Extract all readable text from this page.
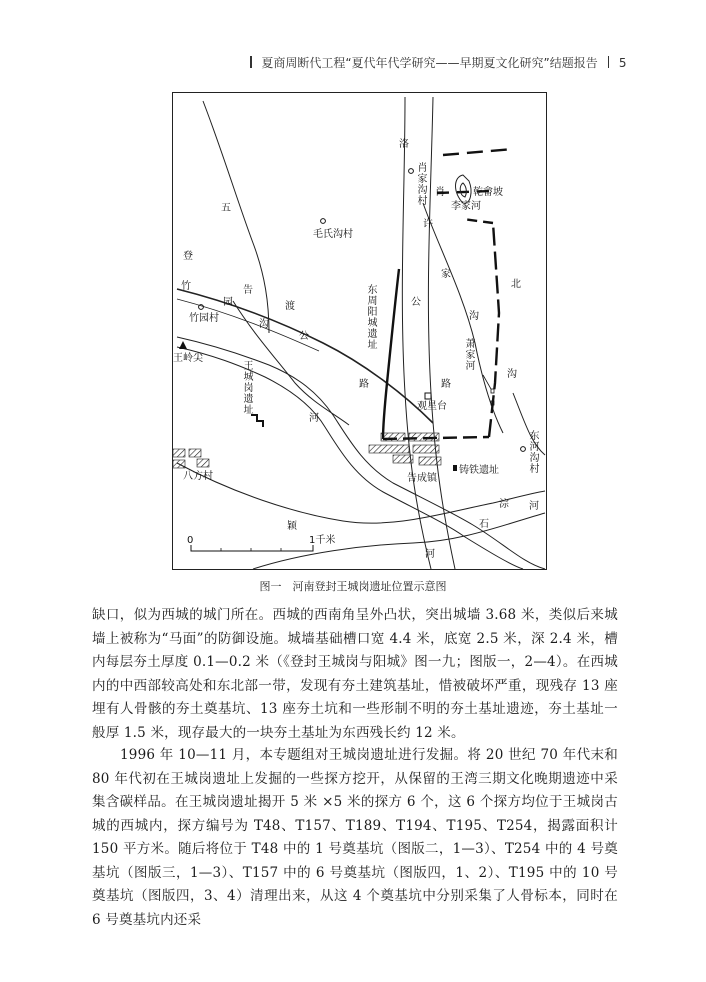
夏商周断代工程“夏代年代学研究——早期夏文化研究”结题报告 5
洛
肖家沟村
肖	乾畲坡
李家河
许
五
毛氏沟村
家
登
竹	告
北
园	渡
竹园村
沟
公
公
东周阳城遗址
沟
王岭尖
王城岗遗址
萧家河
路	路
沟
观星台
河
东河沟村
八方村
铸铁遗址
告成镇
淙 河
石
颖
0	1千米
河
图一　河南登封王城岗遗址位置示意图

缺口，似为西城的城门所在。西城的西南角呈外凸状，突出城墙 3.68 米，类似后来城墙上被称为“马面”的防御设施。城墙基础槽口宽 4.4 米，底宽 2.5 米，深 2.4 米，槽内每层夯土厚度 0.1—0.2 米（《登封王城岗与阳城》图一九；图版一，2—4）。在西城内的中西部较高处和东北部一带，发现有夯土建筑基址，惜被破坏严重，现残存 13 座埋有人骨骸的夯土奠基坑、13 座夯土坑和一些形制不明的夯土基址遗迹，夯土基址一般厚 1.5 米，现存最大的一块夯土基址为东西残长约 12 米。

1996 年 10—11 月，本专题组对王城岗遗址进行发掘。将 20 世纪 70 年代末和 80 年代初在王城岗遗址上发掘的一些探方挖开，从保留的王湾三期文化晚期遗迹中采集含碳样品。在王城岗遗址揭开 5 米 ×5 米的探方 6 个，这 6 个探方均位于王城岗古城的西城内，探方编号为 T48、T157、T189、T194、T195、T254，揭露面积计 150 平方米。随后将位于 T48 中的 1 号奠基坑（图版二，1—3）、T254 中的 4 号奠基坑（图版三，1—3）、T157 中的 6 号奠基坑（图版四，1、2）、T195 中的 10 号奠基坑（图版四，3、4）清理出来，从这 4 个奠基坑中分别采集了人骨标本，同时在 6 号奠基坑内还采
